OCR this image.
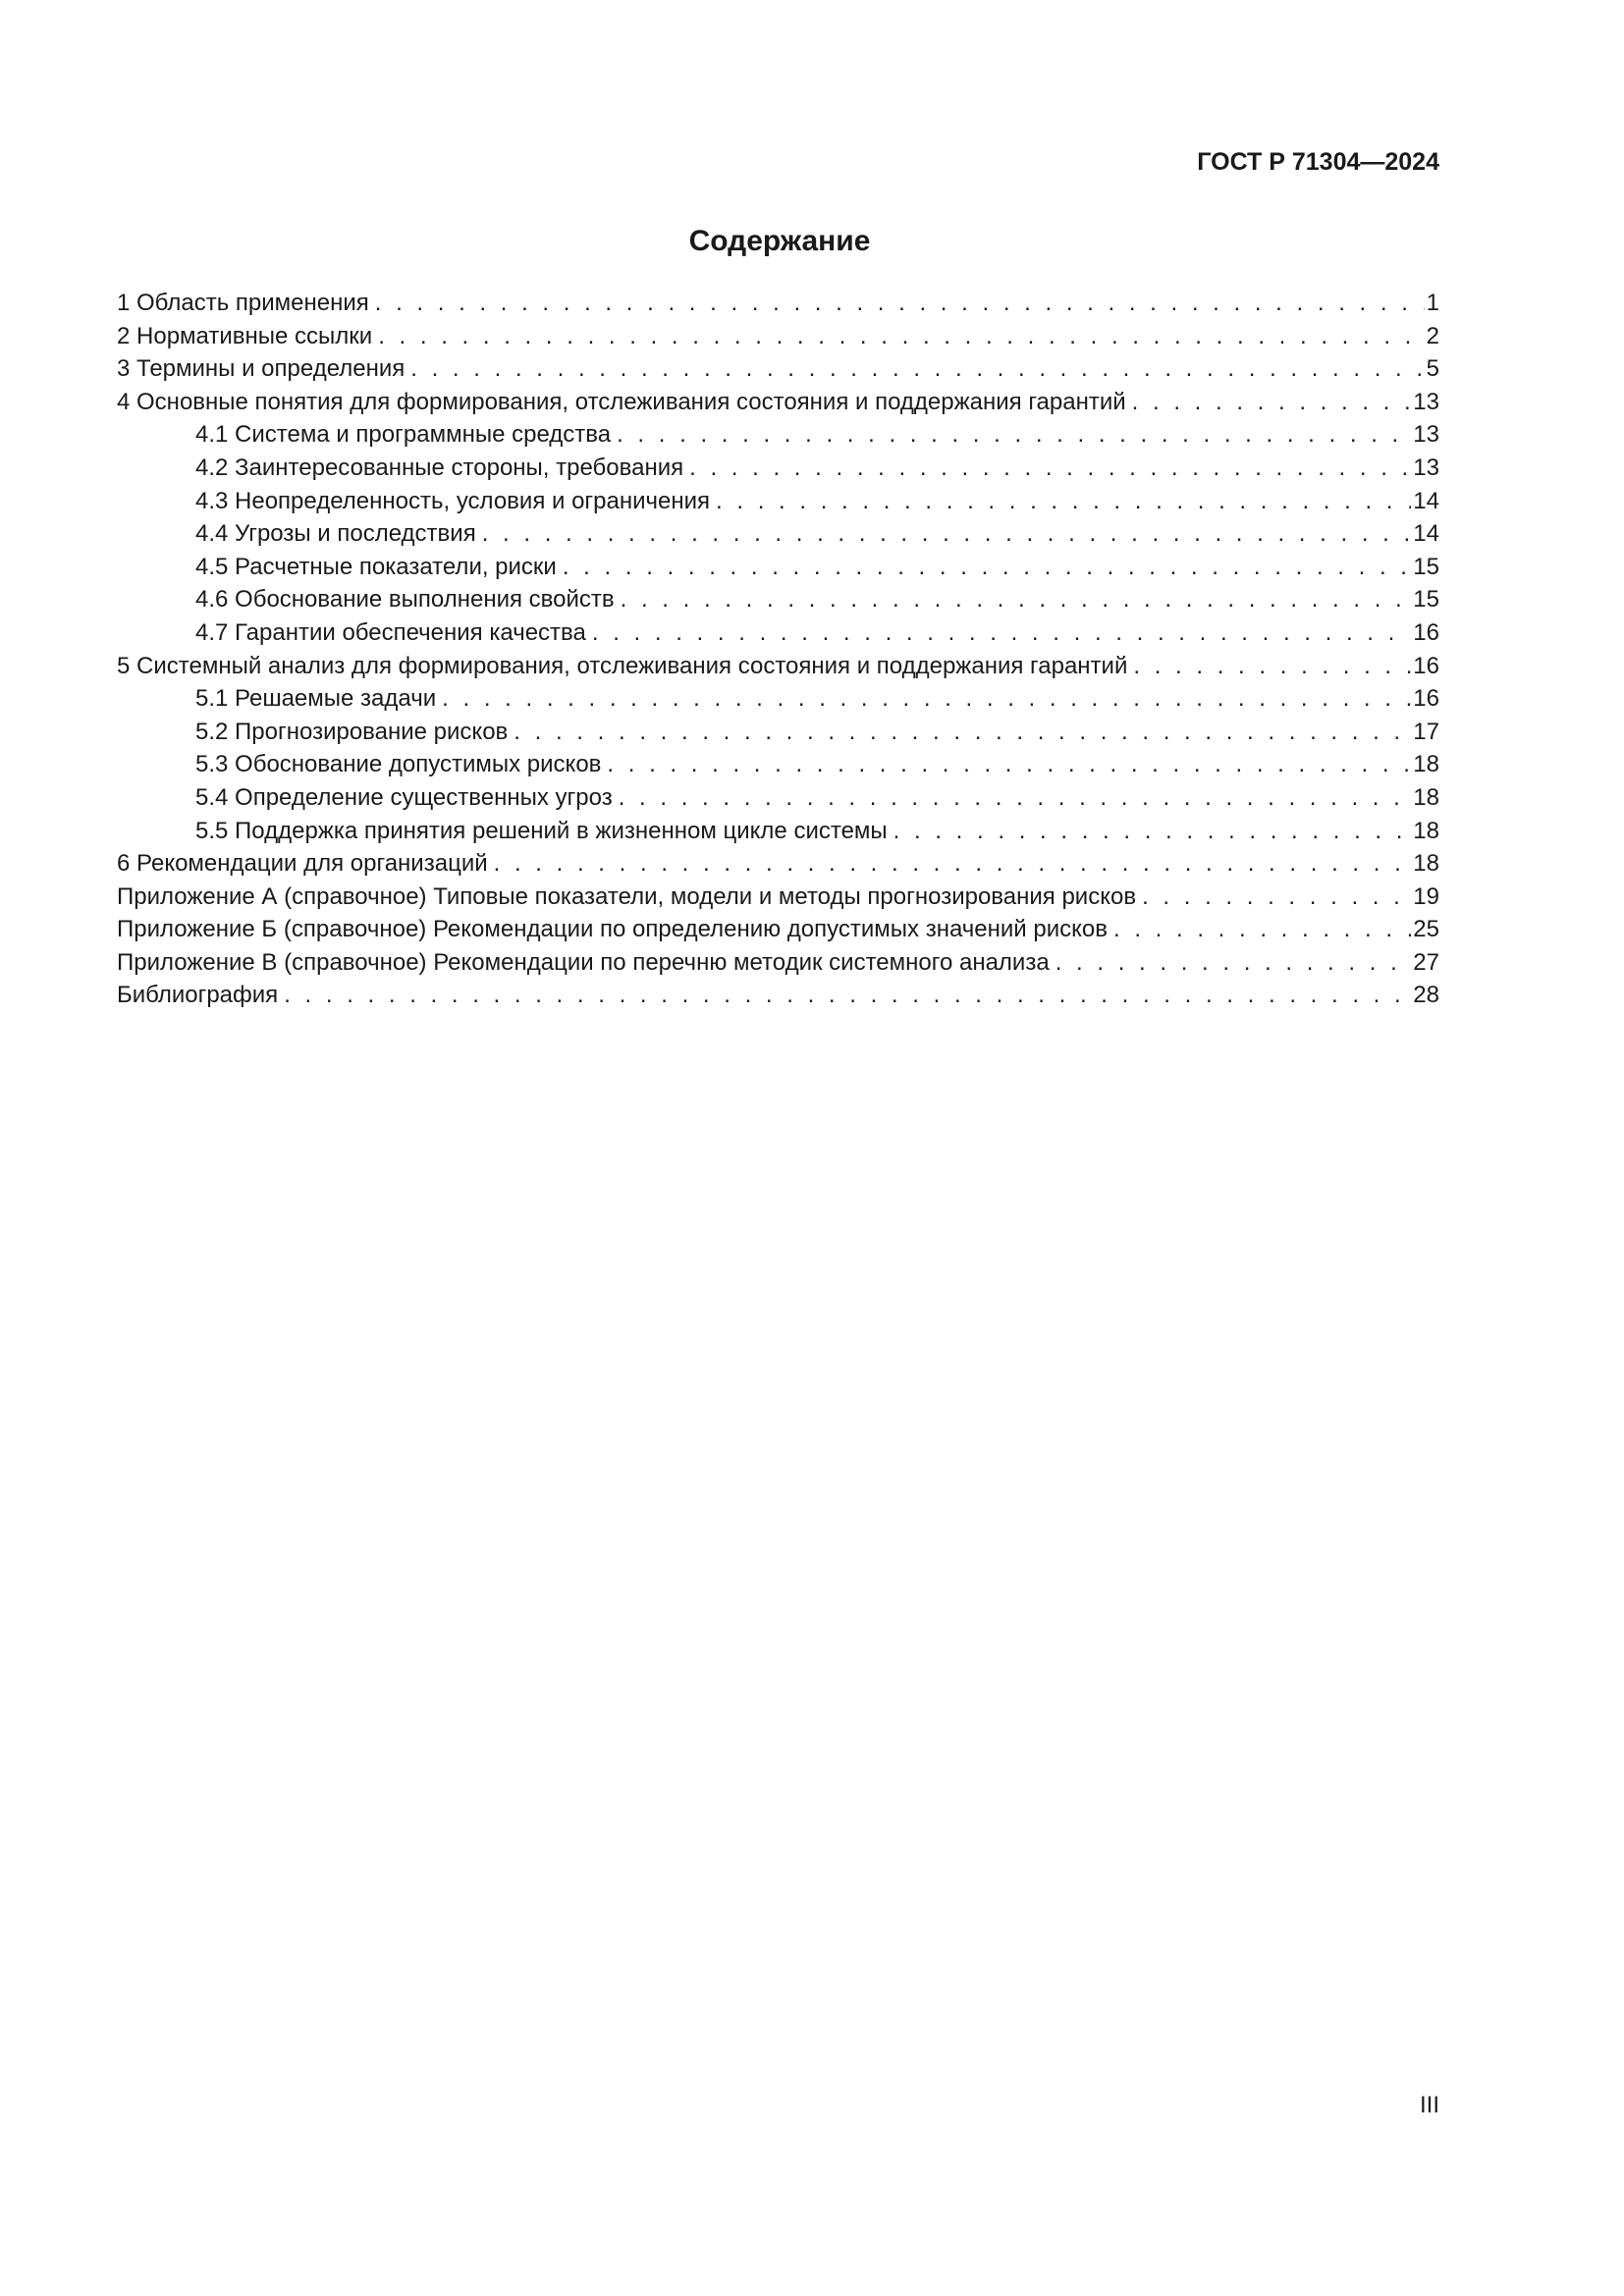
ГОСТ Р 71304—2024
Содержание
1 Область применения . . .	1
2 Нормативные ссылки . . .	2
3 Термины и определения . . .	5
4 Основные понятия для формирования, отслеживания состояния и поддержания гарантий . . .	13
4.1 Система и программные средства . . .	13
4.2 Заинтересованные стороны, требования . . .	13
4.3 Неопределенность, условия и ограничения . . .	14
4.4 Угрозы и последствия . . .	14
4.5 Расчетные показатели, риски . . .	15
4.6 Обоснование выполнения свойств . . .	15
4.7 Гарантии обеспечения качества . . .	16
5 Системный анализ для формирования, отслеживания состояния и поддержания гарантий . . .	16
5.1 Решаемые задачи . . .	16
5.2 Прогнозирование рисков . . .	17
5.3 Обоснование допустимых рисков . . .	18
5.4 Определение существенных угроз . . .	18
5.5 Поддержка принятия решений в жизненном цикле системы . . .	18
6 Рекомендации для организаций . . .	18
Приложение А (справочное) Типовые показатели, модели и методы прогнозирования рисков . . .	19
Приложение Б (справочное) Рекомендации по определению допустимых значений рисков . . .	25
Приложение В (справочное) Рекомендации по перечню методик системного анализа . . .	27
Библиография . . .	28
III
